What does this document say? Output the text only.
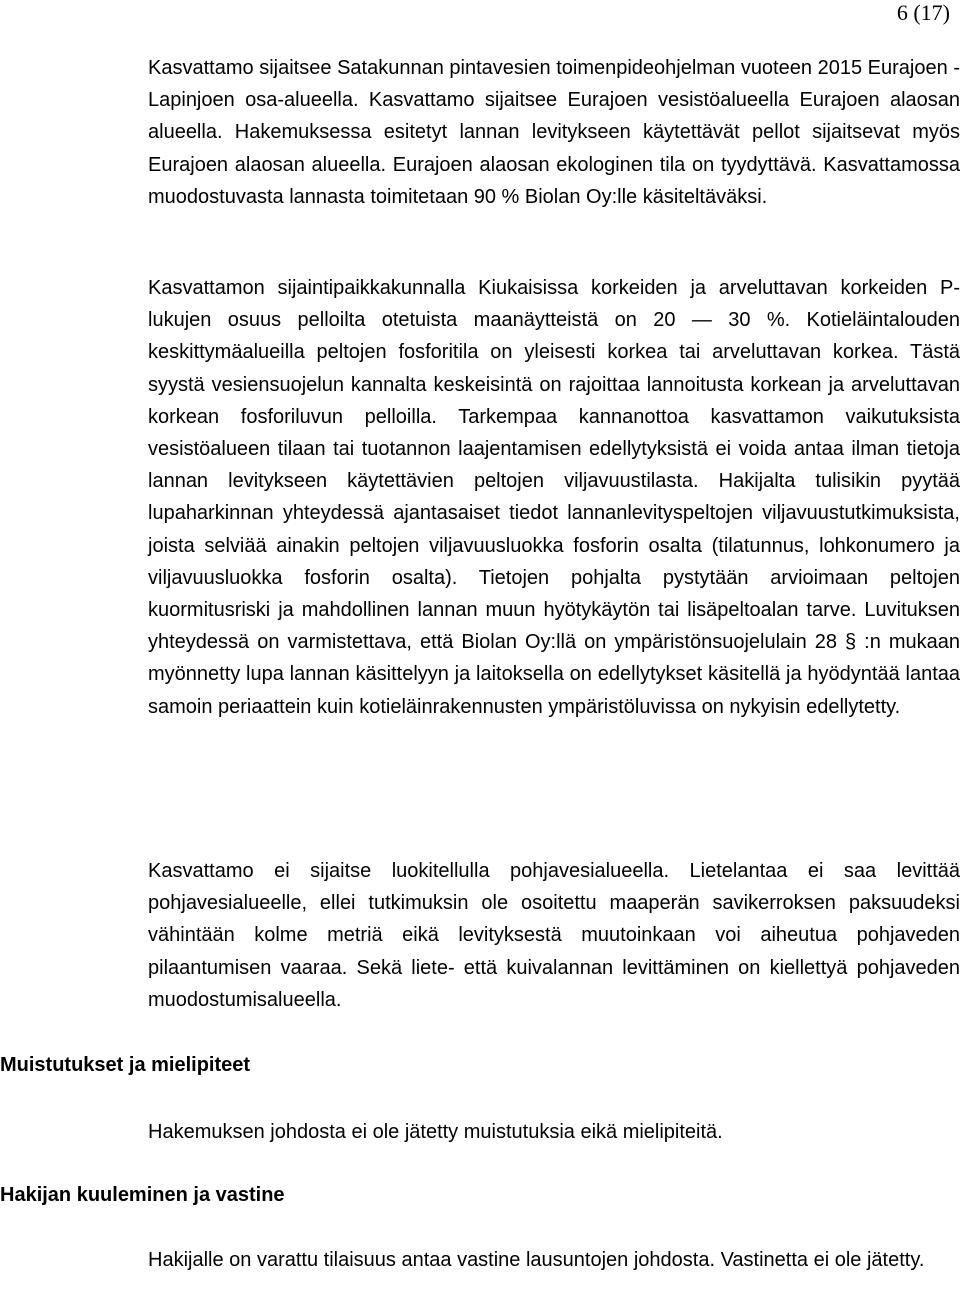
6 (17)

Kasvattamo sijaitsee Satakunnan pintavesien toimenpideohjelman vuoteen 2015 Eurajoen - Lapinjoen osa-alueella. Kasvattamo sijaitsee Eurajoen vesistöalueella Eurajoen alaosan alueella. Hakemuksessa esitetyt lannan levitykseen käytettävät pellot sijaitsevat myös Eurajoen alaosan alueella. Eurajoen alaosan ekologinen tila on tyydyttävä. Kasvattamossa muodostuvasta lannasta toimitetaan 90 % Biolan Oy:lle käsiteltäväksi.

Kasvattamon sijaintipaikkakunnalla Kiukaisissa korkeiden ja arveluttavan korkeiden P-lukujen osuus pelloilta otetuista maanäytteistä on 20 — 30 %. Kotieläintalouden keskittymäalueilla peltojen fosforitila on yleisesti korkea tai arveluttavan korkea. Tästä syystä vesiensuojelun kannalta keskeisintä on rajoittaa lannoitusta korkean ja arveluttavan korkean fosforiluvun pelloilla. Tarkempaa kannanottoa kasvattamon vaikutuksista vesistöalueen tilaan tai tuotannon laajentamisen edellytyksistä ei voida antaa ilman tietoja lannan levitykseen käytettävien peltojen viljavuustilasta. Hakijalta tulisikin pyytää lupaharkinnan yhteydessä ajantasaiset tiedot lannanlevityspeltojen viljavuustutkimuksista, joista selviää ainakin peltojen viljavuusluokka fosforin osalta (tilatunnus, lohkonumero ja viljavuusluokka fosforin osalta). Tietojen pohjalta pystytään arvioimaan peltojen kuormitusriski ja mahdollinen lannan muun hyötykäytön tai lisäpeltoalan tarve. Luvituksen yhteydessä on varmistettava, että Biolan Oy:llä on ympäristönsuojelulain 28 § :n mukaan myönnetty lupa lannan käsittelyyn ja laitoksella on edellytykset käsitellä ja hyödyntää lantaa samoin periaattein kuin kotieläinrakennusten ympäristöluvissa on nykyisin edellytetty.

Kasvattamo ei sijaitse luokitellulla pohjavesialueella. Lietelantaa ei saa levittää pohjavesialueelle, ellei tutkimuksin ole osoitettu maaperän savikerroksen paksuudeksi vähintään kolme metriä eikä levityksestä muutoinkaan voi aiheutua pohjaveden pilaantumisen vaaraa. Sekä liete- että kuivalannan levittäminen on kiellettyä pohjaveden muodostumisalueella.

Muistutukset ja mielipiteet

Hakemuksen johdosta ei ole jätetty muistutuksia eikä mielipiteitä.

Hakijan kuuleminen ja vastine

Hakijalle on varattu tilaisuus antaa vastine lausuntojen johdosta. Vastinetta ei ole jätetty.
